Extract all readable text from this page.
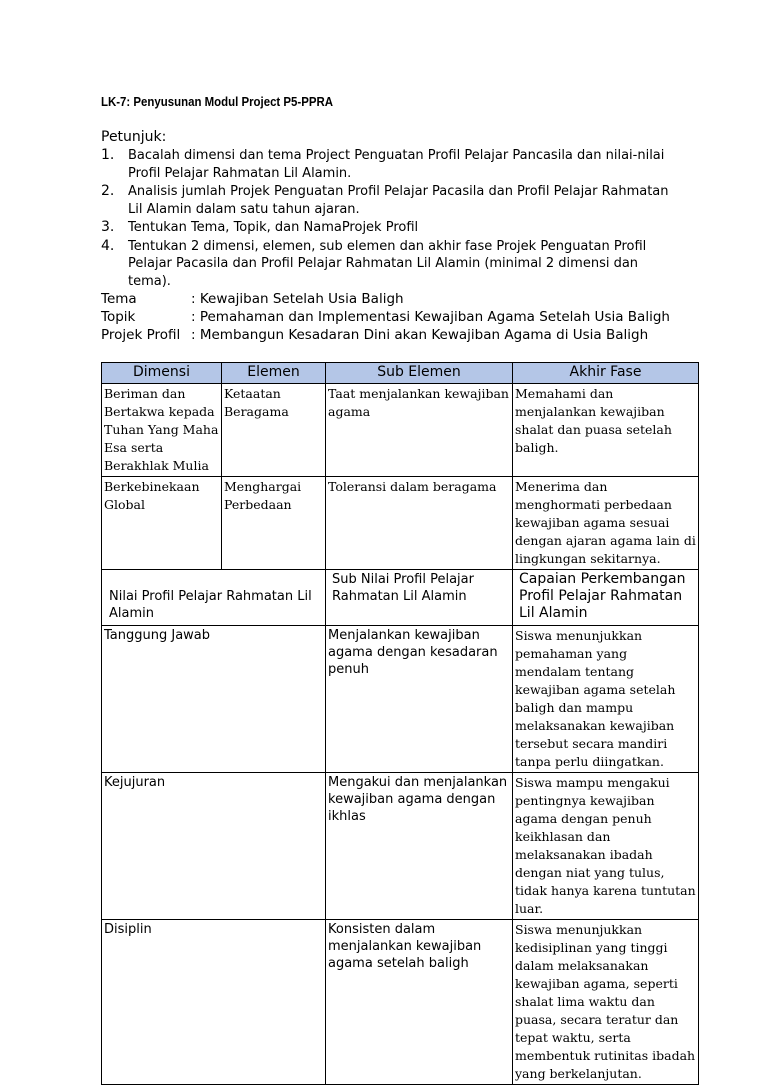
LK-7: Penyusunan Modul Project P5-PPRA
Petunjuk:
1. Bacalah dimensi dan tema Project Penguatan Profil Pelajar Pancasila dan nilai-nilai Profil Pelajar Rahmatan Lil Alamin.
2. Analisis jumlah Projek Penguatan Profil Pelajar Pacasila dan Profil Pelajar Rahmatan Lil Alamin dalam satu tahun ajaran.
3. Tentukan Tema, Topik, dan NamaProjek Profil
4. Tentukan 2 dimensi, elemen, sub elemen dan akhir fase Projek Penguatan Profil Pelajar Pacasila dan Profil Pelajar Rahmatan Lil Alamin (minimal 2 dimensi dan tema).
Tema	: Kewajiban Setelah Usia Baligh
Topik	: Pemahaman dan Implementasi Kewajiban Agama Setelah Usia Baligh
Projek Profil : Membangun Kesadaran Dini akan Kewajiban Agama di Usia Baligh
Dimensi	Elemen	Sub Elemen	Akhir Fase
Beriman dan Bertakwa kepada Tuhan Yang Maha Esa serta Berakhlak Mulia	Ketaatan Beragama	Taat menjalankan kewajiban agama	Memahami dan menjalankan kewajiban shalat dan puasa setelah baligh.
Berkebinekaan Global	Menghargai Perbedaan	Toleransi dalam beragama	Menerima dan menghormati perbedaan kewajiban agama sesuai dengan ajaran agama lain di lingkungan sekitarnya.
Nilai Profil Pelajar Rahmatan Lil Alamin		Sub Nilai Profil Pelajar Rahmatan Lil Alamin	Capaian Perkembangan Profil Pelajar Rahmatan Lil Alamin
Tanggung Jawab		Menjalankan kewajiban agama dengan kesadaran penuh	Siswa menunjukkan pemahaman yang mendalam tentang kewajiban agama setelah baligh dan mampu melaksanakan kewajiban tersebut secara mandiri tanpa perlu diingatkan.
Kejujuran		Mengakui dan menjalankan kewajiban agama dengan ikhlas	Siswa mampu mengakui pentingnya kewajiban agama dengan penuh keikhlasan dan melaksanakan ibadah dengan niat yang tulus, tidak hanya karena tuntutan luar.
Disiplin		Konsisten dalam menjalankan kewajiban agama setelah baligh	Siswa menunjukkan kedisiplinan yang tinggi dalam melaksanakan kewajiban agama, seperti shalat lima waktu dan puasa, secara teratur dan tepat waktu, serta membentuk rutinitas ibadah yang berkelanjutan.
